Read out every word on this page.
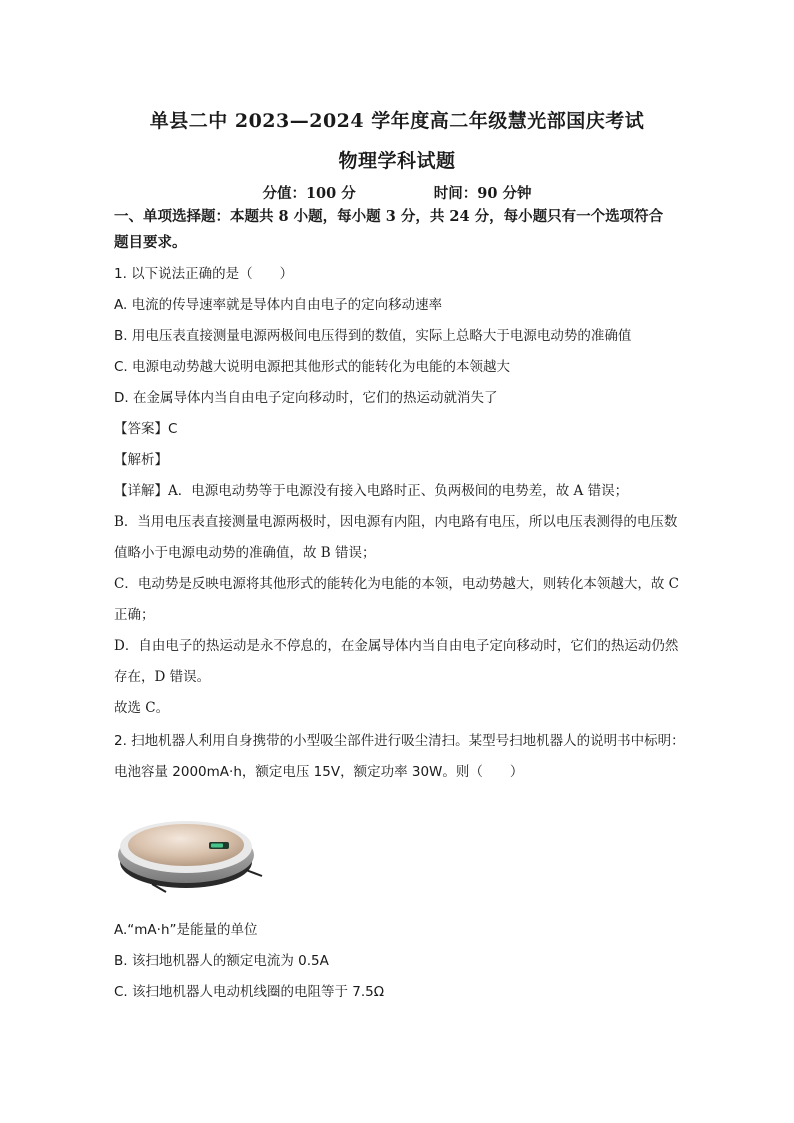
单县二中 2023—2024 学年度高二年级慧光部国庆考试
物理学科试题
分值：100 分	时间：90 分钟
一、单项选择题：本题共 8 小题，每小题 3 分，共 24 分，每小题只有一个选项符合
题目要求。
1. 以下说法正确的是（　　）
A. 电流的传导速率就是导体内自由电子的定向移动速率
B. 用电压表直接测量电源两极间电压得到的数值，实际上总略大于电源电动势的准确值
C. 电源电动势越大说明电源把其他形式的能转化为电能的本领越大
D. 在金属导体内当自由电子定向移动时，它们的热运动就消失了
【答案】C
【解析】
【详解】A．电源电动势等于电源没有接入电路时正、负两极间的电势差，故 A 错误；
B．当用电压表直接测量电源两极时，因电源有内阻，内电路有电压，所以电压表测得的电压数
值略小于电源电动势的准确值，故 B 错误；
C．电动势是反映电源将其他形式的能转化为电能的本领，电动势越大，则转化本领越大，故 C
正确；
D．自由电子的热运动是永不停息的，在金属导体内当自由电子定向移动时，它们的热运动仍然
存在，D 错误。
故选 C。
2. 扫地机器人利用自身携带的小型吸尘部件进行吸尘清扫。某型号扫地机器人的说明书中标明：
电池容量 2000mA·h，额定电压 15V，额定功率 30W。则（　　）
A.“mA·h”是能量的单位
B. 该扫地机器人的额定电流为 0.5A
C. 该扫地机器人电动机线圈的电阻等于 7.5Ω
